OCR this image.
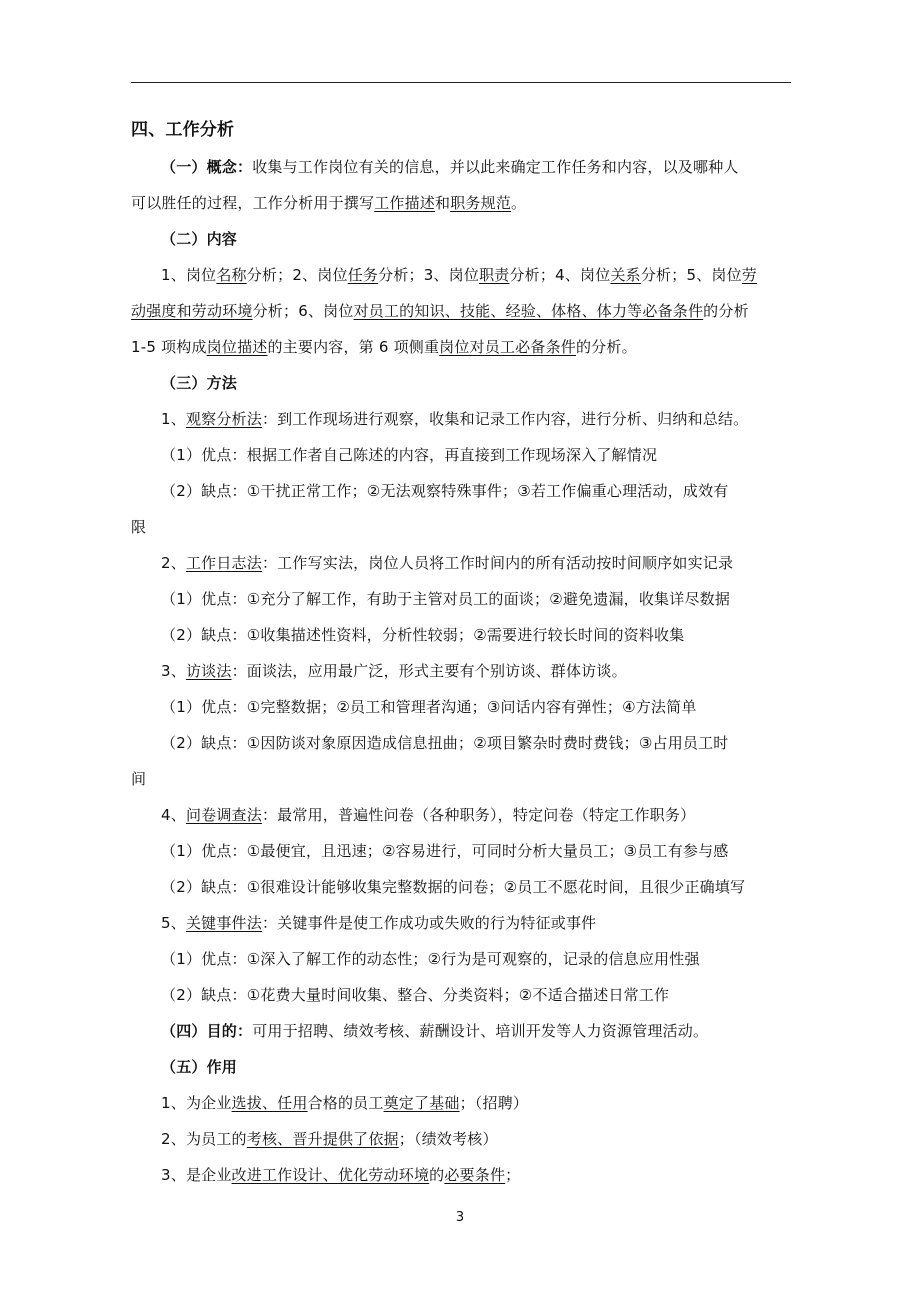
四、工作分析
（一）概念：收集与工作岗位有关的信息，并以此来确定工作任务和内容，以及哪种人
可以胜任的过程，工作分析用于撰写工作描述和职务规范。
（二）内容
1、岗位名称分析；2、岗位任务分析；3、岗位职责分析；4、岗位关系分析；5、岗位劳
动强度和劳动环境分析；6、岗位对员工的知识、技能、经验、体格、体力等必备条件的分析
1-5 项构成岗位描述的主要内容，第 6 项侧重岗位对员工必备条件的分析。
（三）方法
1、观察分析法：到工作现场进行观察，收集和记录工作内容，进行分析、归纳和总结。
（1）优点：根据工作者自己陈述的内容，再直接到工作现场深入了解情况
（2）缺点：①干扰正常工作；②无法观察特殊事件；③若工作偏重心理活动，成效有
限
2、工作日志法：工作写实法，岗位人员将工作时间内的所有活动按时间顺序如实记录
（1）优点：①充分了解工作，有助于主管对员工的面谈；②避免遗漏，收集详尽数据
（2）缺点：①收集描述性资料，分析性较弱；②需要进行较长时间的资料收集
3、访谈法：面谈法，应用最广泛，形式主要有个别访谈、群体访谈。
（1）优点：①完整数据；②员工和管理者沟通；③问话内容有弹性；④方法简单
（2）缺点：①因防谈对象原因造成信息扭曲；②项目繁杂时费时费钱；③占用员工时
间
4、问卷调查法：最常用，普遍性问卷（各种职务），特定问卷（特定工作职务）
（1）优点：①最便宜，且迅速；②容易进行，可同时分析大量员工；③员工有参与感
（2）缺点：①很难设计能够收集完整数据的问卷；②员工不愿花时间，且很少正确填写
5、关键事件法：关键事件是使工作成功或失败的行为特征或事件
（1）优点：①深入了解工作的动态性；②行为是可观察的，记录的信息应用性强
（2）缺点：①花费大量时间收集、整合、分类资料；②不适合描述日常工作
（四）目的：可用于招聘、绩效考核、薪酬设计、培训开发等人力资源管理活动。
（五）作用
1、为企业选拔、任用合格的员工奠定了基础；（招聘）
2、为员工的考核、晋升提供了依据；（绩效考核）
3、是企业改进工作设计、优化劳动环境的必要条件；
3
